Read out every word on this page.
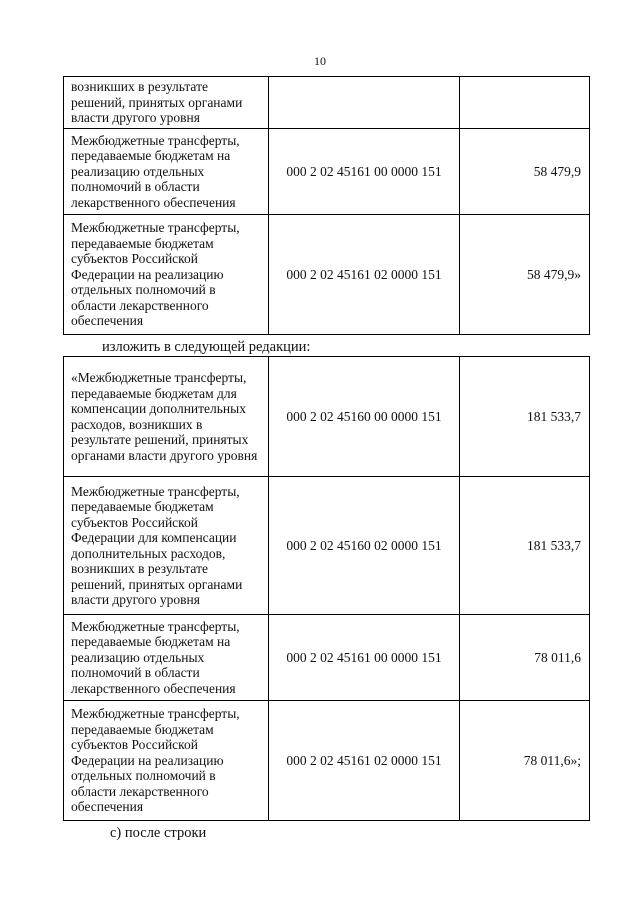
10
возникших в результате решений, принятых органами власти другого уровня		
Межбюджетные трансферты, передаваемые бюджетам на реализацию отдельных полномочий в области лекарственного обеспечения	000 2 02 45161 00 0000 151	58 479,9
Межбюджетные трансферты, передаваемые бюджетам субъектов Российской Федерации на реализацию отдельных полномочий в области лекарственного обеспечения	000 2 02 45161 02 0000 151	58 479,9»
изложить в следующей редакции:
«Межбюджетные трансферты, передаваемые бюджетам для компенсации дополнительных расходов, возникших в результате решений, принятых органами власти другого уровня	000 2 02 45160 00 0000 151	181 533,7
Межбюджетные трансферты, передаваемые бюджетам субъектов Российской Федерации для компенсации дополнительных расходов, возникших в результате решений, принятых органами власти другого уровня	000 2 02 45160 02 0000 151	181 533,7
Межбюджетные трансферты, передаваемые бюджетам на реализацию отдельных полномочий в области лекарственного обеспечения	000 2 02 45161 00 0000 151	78 011,6
Межбюджетные трансферты, передаваемые бюджетам субъектов Российской Федерации на реализацию отдельных полномочий в области лекарственного обеспечения	000 2 02 45161 02 0000 151	78 011,6»;
с) после строки
